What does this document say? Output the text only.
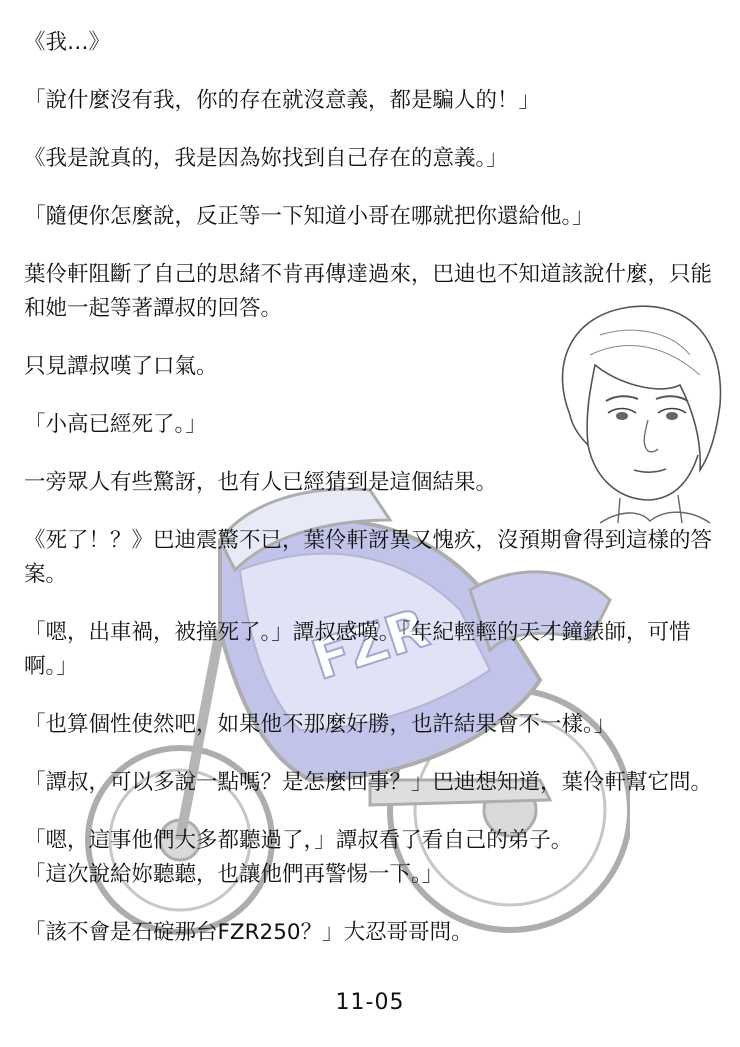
FZR

《我…》

「說什麼沒有我，你的存在就沒意義，都是騙人的！」

《我是說真的，我是因為妳找到自己存在的意義。」

「隨便你怎麼說，反正等一下知道小哥在哪就把你還給他。」

葉伶軒阻斷了自己的思緒不肯再傳達過來，巴迪也不知道該說什麼，只能和她一起等著譚叔的回答。

只見譚叔嘆了口氣。

「小高已經死了。」

一旁眾人有些驚訝，也有人已經猜到是這個結果。

《死了！？》巴迪震驚不已，葉伶軒訝異又愧疚，沒預期會得到這樣的答案。

「嗯，出車禍，被撞死了。」譚叔感嘆。「年紀輕輕的天才鐘錶師，可惜啊。」

「也算個性使然吧，如果他不那麼好勝，也許結果會不一樣。」

「譚叔，可以多說一點嗎？是怎麼回事？」巴迪想知道，葉伶軒幫它問。

「嗯，這事他們大多都聽過了，」譚叔看了看自己的弟子。

「這次說給妳聽聽，也讓他們再警惕一下。」

「該不會是石碇那台FZR250？」大忍哥哥問。

11-05
